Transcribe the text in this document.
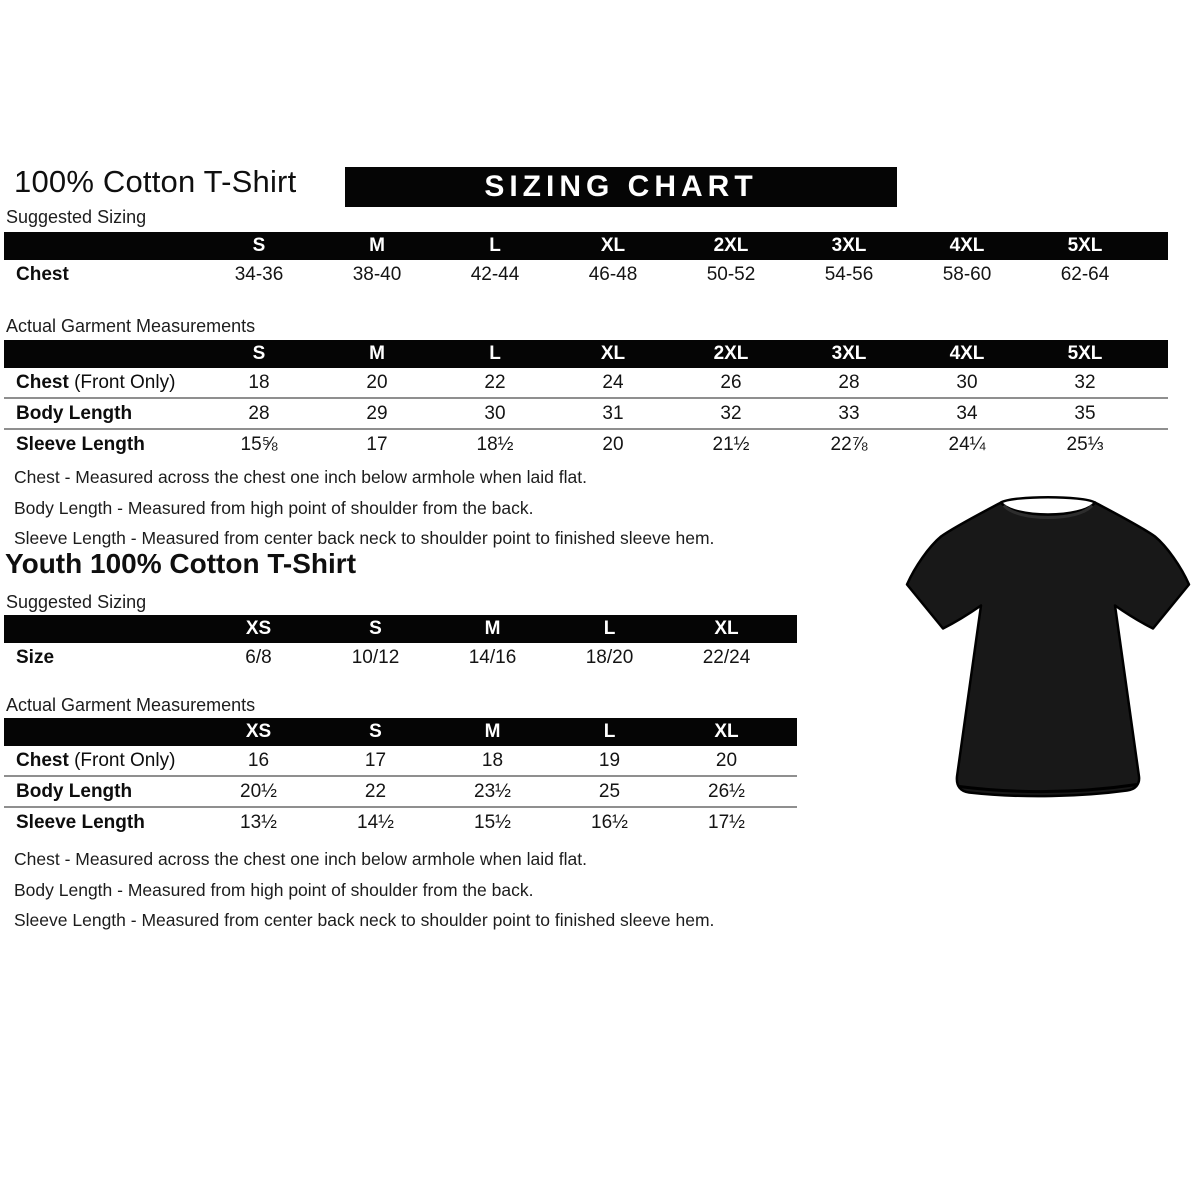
100% Cotton T-Shirt	SIZING CHART
Suggested Sizing
	S	M	L	XL	2XL	3XL	4XL	5XL	
Chest	34-36	38-40	42-44	46-48	50-52	54-56	58-60	62-64	
Actual Garment Measurements
	S	M	L	XL	2XL	3XL	4XL	5XL	
Chest (Front Only)	18	20	22	24	26	28	30	32	
Body Length	28	29	30	31	32	33	34	35	
Sleeve Length	15⅝	17	18½	20	21½	22⅞	24¼	25⅓	
Chest - Measured across the chest one inch below armhole when laid flat.
Body Length - Measured from high point of shoulder from the back.
Sleeve Length - Measured from center back neck to shoulder point to finished sleeve hem.
Youth 100% Cotton T-Shirt
Suggested Sizing
	XS	S	M	L	XL	
Size	6/8	10/12	14/16	18/20	22/24	
Actual Garment Measurements
	XS	S	M	L	XL	
Chest (Front Only)	16	17	18	19	20	
Body Length	20½	22	23½	25	26½	
Sleeve Length	13½	14½	15½	16½	17½	
Chest - Measured across the chest one inch below armhole when laid flat.
Body Length - Measured from high point of shoulder from the back.
Sleeve Length - Measured from center back neck to shoulder point to finished sleeve hem.
